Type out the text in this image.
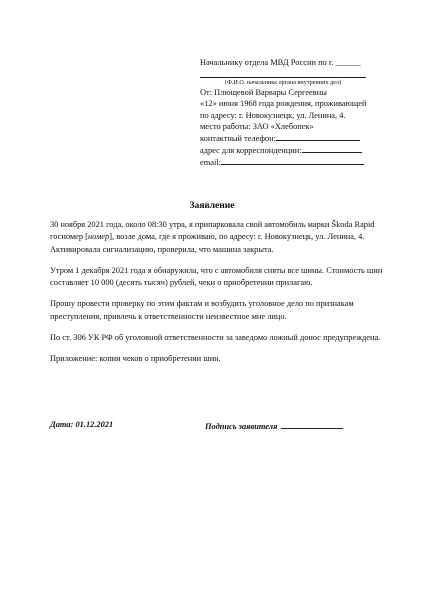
Начальнику отдела МВД России по г. ______
(Ф.И.О. начальника органа внутренних дел)
От: Плющевой Варвары Сергеевны
«12» июня 1968 года рождения, проживающей
по адресу: г. Новокузнецк, ул. Ленина, 4.
место работы: ЗАО «Хлебопек»
контактный телефон:
адрес для корреспонденции:
email:
Заявление

30 ноября 2021 года, около 08:30 утра, я припарковала свой автомобиль марки Škoda Rapid госномер [номер], возле дома, где я проживаю, по адресу: г. Новокузнецк, ул. Ленина, 4. Активировала сигнализацию, проверила, что машина закрыта.

Утром 1 декабря 2021 года я обнаружила, что с автомобиля сняты все шины. Стоимость шин составляет 10 000 (десять тысяч) рублей, чеки о приобретении прилагаю.

Прошу провести проверку по этим фактам и возбудить уголовное дело по признакам преступления, привлечь к ответственности неизвестное мне лицо.

По ст. 306 УК РФ об уголовной ответственности за заведомо ложный донос предупреждена.

Приложение: копии чеков о приобретении шин.

Дата: 01.12.2021	Подпись заявителя
